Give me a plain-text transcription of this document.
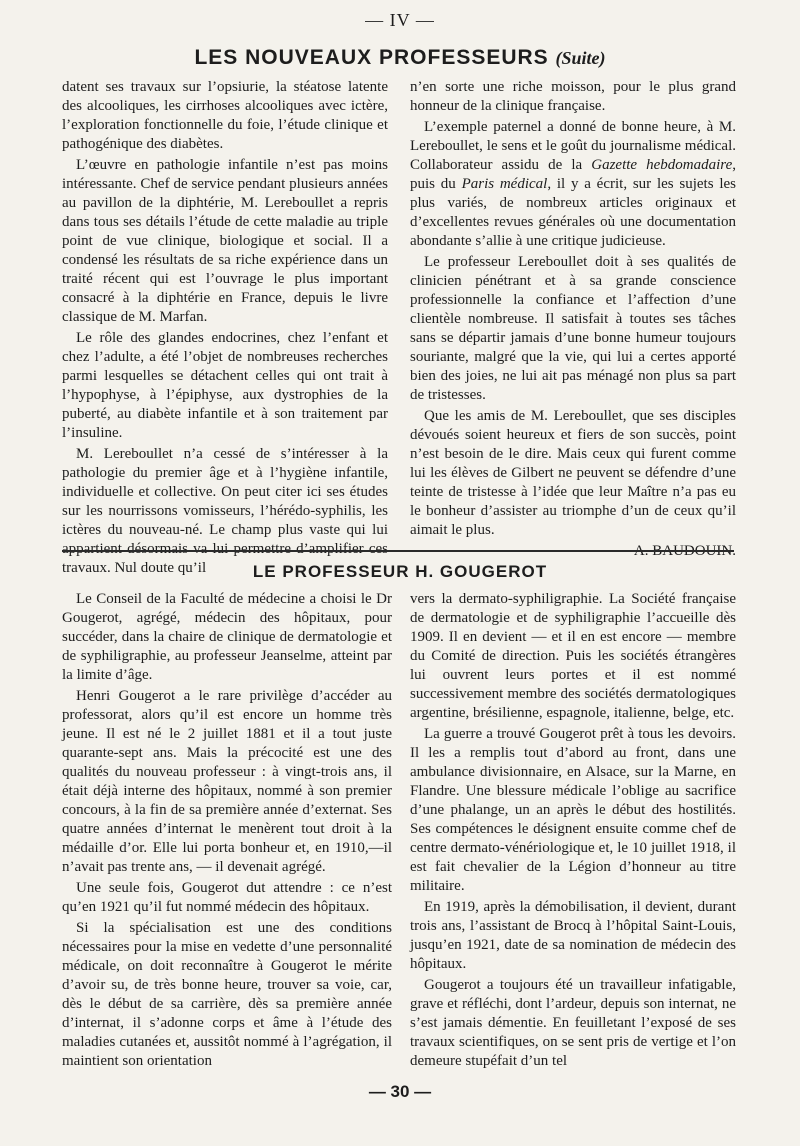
— IV —
LES NOUVEAUX PROFESSEURS (Suite)

datent ses travaux sur l’opsiurie, la stéatose latente des alcooliques, les cirrhoses alcooliques avec ictère, l’exploration fonctionnelle du foie, l’étude clinique et pathogénique des diabètes.

L’œuvre en pathologie infantile n’est pas moins intéressante. Chef de service pendant plusieurs années au pavillon de la diphtérie, M. Lereboullet a repris dans tous ses détails l’étude de cette maladie au triple point de vue clinique, biologique et social. Il a condensé les résultats de sa riche expérience dans un traité récent qui est l’ouvrage le plus important consacré à la diphtérie en France, depuis le livre classique de M. Marfan.

Le rôle des glandes endocrines, chez l’enfant et chez l’adulte, a été l’objet de nombreuses recherches parmi lesquelles se détachent celles qui ont trait à l’hypophyse, à l’épiphyse, aux dystrophies de la puberté, au diabète infantile et à son traitement par l’insuline.

M. Lereboullet n’a cessé de s’intéresser à la pathologie du premier âge et à l’hygiène infantile, individuelle et collective. On peut citer ici ses études sur les nourrissons vomisseurs, l’hérédo-syphilis, les ictères du nouveau-né. Le champ plus vaste qui lui appartient désormais va lui permettre d’amplifier ces travaux. Nul doute qu’il

n’en sorte une riche moisson, pour le plus grand honneur de la clinique française.

L’exemple paternel a donné de bonne heure, à M. Lereboullet, le sens et le goût du journalisme médical. Collaborateur assidu de la Gazette hebdomadaire, puis du Paris médical, il y a écrit, sur les sujets les plus variés, de nombreux articles originaux et d’excellentes revues générales où une documentation abondante s’allie à une critique judicieuse.

Le professeur Lereboullet doit à ses qualités de clinicien pénétrant et à sa grande conscience professionnelle la confiance et l’affection d’une clientèle nombreuse. Il satisfait à toutes ses tâches sans se départir jamais d’une bonne humeur toujours souriante, malgré que la vie, qui lui a certes apporté bien des joies, ne lui ait pas ménagé non plus sa part de tristesses.

Que les amis de M. Lereboullet, que ses disciples dévoués soient heureux et fiers de son succès, point n’est besoin de le dire. Mais ceux qui furent comme lui les élèves de Gilbert ne peuvent se défendre d’une teinte de tristesse à l’idée que leur Maître n’a pas eu le bonheur d’assister au triomphe d’un de ceux qu’il aimait le plus.

A. BAUDOUIN.

LE PROFESSEUR H. GOUGEROT

Le Conseil de la Faculté de médecine a choisi le Dr Gougerot, agrégé, médecin des hôpitaux, pour succéder, dans la chaire de clinique de dermatologie et de syphiligraphie, au professeur Jeanselme, atteint par la limite d’âge.

Henri Gougerot a le rare privilège d’accéder au professorat, alors qu’il est encore un homme très jeune. Il est né le 2 juillet 1881 et il a tout juste quarante-sept ans. Mais la précocité est une des qualités du nouveau professeur : à vingt-trois ans, il était déjà interne des hôpitaux, nommé à son premier concours, à la fin de sa première année d’externat. Ses quatre années d’internat le menèrent tout droit à la médaille d’or. Elle lui porta bonheur et, en 1910,—il n’avait pas trente ans, — il devenait agrégé.

Une seule fois, Gougerot dut attendre : ce n’est qu’en 1921 qu’il fut nommé médecin des hôpitaux.

Si la spécialisation est une des conditions nécessaires pour la mise en vedette d’une personnalité médicale, on doit reconnaître à Gougerot le mérite d’avoir su, de très bonne heure, trouver sa voie, car, dès le début de sa carrière, dès sa première année d’internat, il s’adonne corps et âme à l’étude des maladies cutanées et, aussitôt nommé à l’agrégation, il maintient son orientation

vers la dermato-syphiligraphie. La Société française de dermatologie et de syphiligraphie l’accueille dès 1909. Il en devient — et il en est encore — membre du Comité de direction. Puis les sociétés étrangères lui ouvrent leurs portes et il est nommé successivement membre des sociétés dermatologiques argentine, brésilienne, espagnole, italienne, belge, etc.

La guerre a trouvé Gougerot prêt à tous les devoirs. Il les a remplis tout d’abord au front, dans une ambulance divisionnaire, en Alsace, sur la Marne, en Flandre. Une blessure médicale l’oblige au sacrifice d’une phalange, un an après le début des hostilités. Ses compétences le désignent ensuite comme chef de centre dermato-vénériologique et, le 10 juillet 1918, il est fait chevalier de la Légion d’honneur au titre militaire.

En 1919, après la démobilisation, il devient, durant trois ans, l’assistant de Brocq à l’hôpital Saint-Louis, jusqu’en 1921, date de sa nomination de médecin des hôpitaux.

Gougerot a toujours été un travailleur infatigable, grave et réfléchi, dont l’ardeur, depuis son internat, ne s’est jamais démentie. En feuilletant l’exposé de ses travaux scientifiques, on se sent pris de vertige et l’on demeure stupéfait d’un tel

— 30 —
